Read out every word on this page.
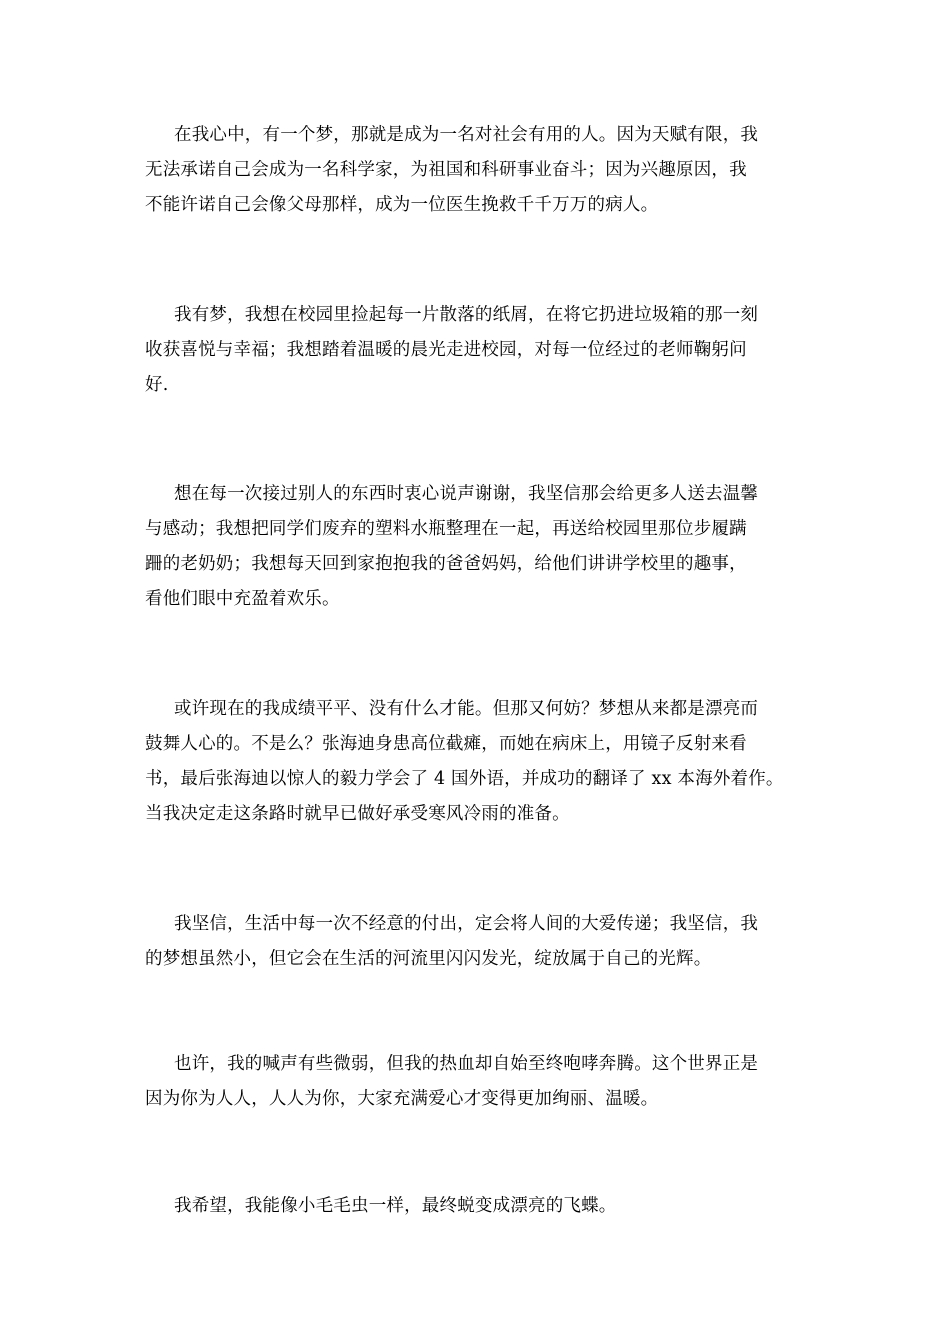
在我心中，有一个梦，那就是成为一名对社会有用的人。因为天赋有限，我
无法承诺自己会成为一名科学家，为祖国和科研事业奋斗；因为兴趣原因，我
不能许诺自己会像父母那样，成为一位医生挽救千千万万的病人。
我有梦，我想在校园里捡起每一片散落的纸屑，在将它扔进垃圾箱的那一刻
收获喜悦与幸福；我想踏着温暖的晨光走进校园，对每一位经过的老师鞠躬问
好.
想在每一次接过别人的东西时衷心说声谢谢，我坚信那会给更多人送去温馨
与感动；我想把同学们废弃的塑料水瓶整理在一起，再送给校园里那位步履蹒
跚的老奶奶；我想每天回到家抱抱我的爸爸妈妈，给他们讲讲学校里的趣事，
看他们眼中充盈着欢乐。
或许现在的我成绩平平、没有什么才能。但那又何妨？梦想从来都是漂亮而
鼓舞人心的。不是么？张海迪身患高位截瘫，而她在病床上，用镜子反射来看
书，最后张海迪以惊人的毅力学会了 4 国外语，并成功的翻译了 xx 本海外着作。
当我决定走这条路时就早已做好承受寒风冷雨的准备。
我坚信，生活中每一次不经意的付出，定会将人间的大爱传递；我坚信，我
的梦想虽然小，但它会在生活的河流里闪闪发光，绽放属于自己的光辉。
也许，我的喊声有些微弱，但我的热血却自始至终咆哮奔腾。这个世界正是
因为你为人人，人人为你，大家充满爱心才变得更加绚丽、温暖。
我希望，我能像小毛毛虫一样，最终蜕变成漂亮的飞蝶。
